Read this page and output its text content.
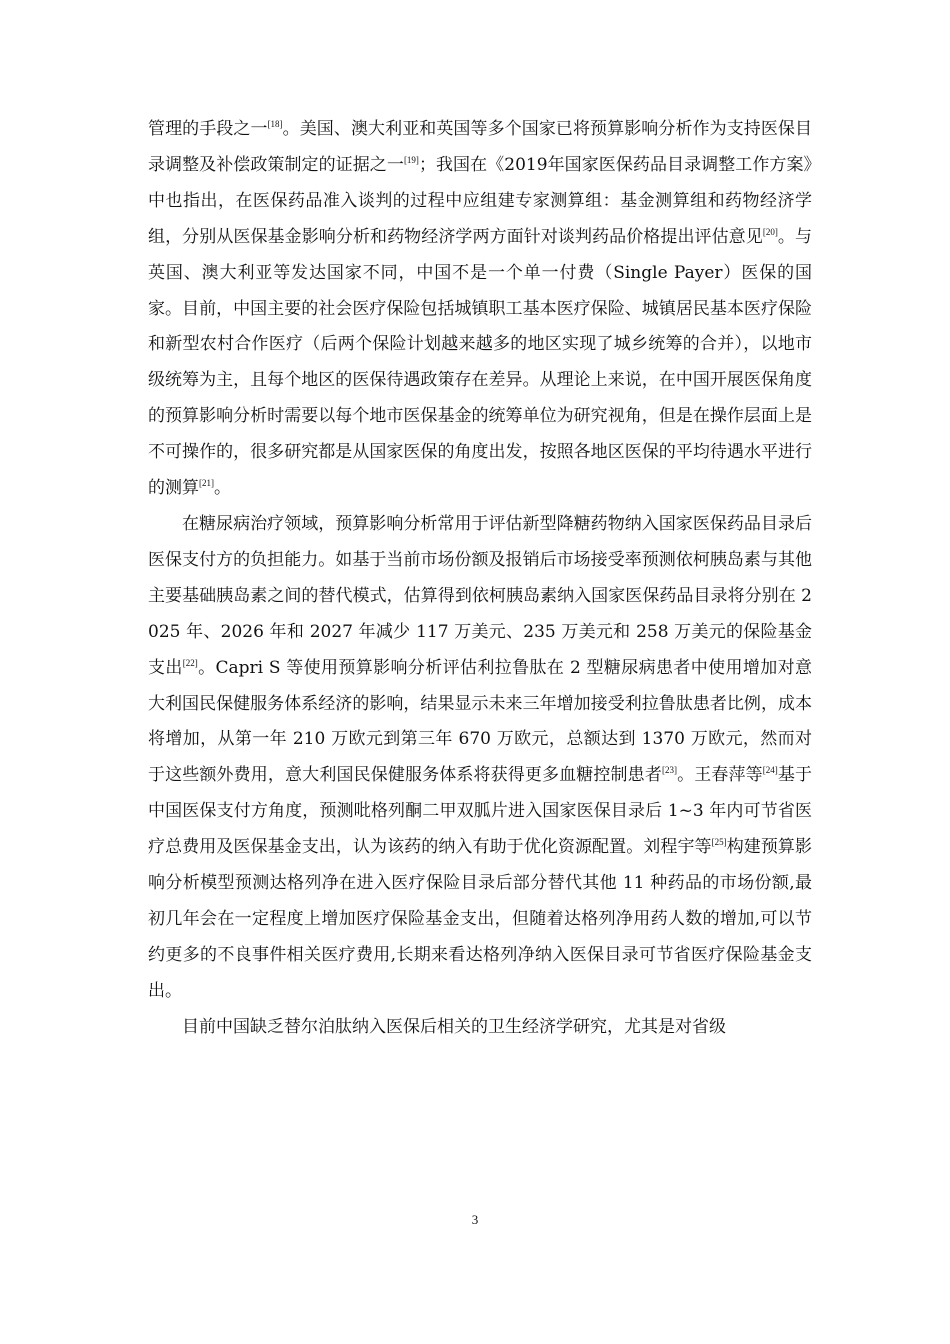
管理的手段之一[18]。美国、澳大利亚和英国等多个国家已将预算影响分析作为支持医保目录调整及补偿政策制定的证据之一[19]；我国在《2019年国家医保药品目录调整工作方案》中也指出，在医保药品准入谈判的过程中应组建专家测算组：基金测算组和药物经济学组，分别从医保基金影响分析和药物经济学两方面针对谈判药品价格提出评估意见[20]。与英国、澳大利亚等发达国家不同，中国不是一个单一付费（Single Payer）医保的国家。目前，中国主要的社会医疗保险包括城镇职工基本医疗保险、城镇居民基本医疗保险和新型农村合作医疗（后两个保险计划越来越多的地区实现了城乡统筹的合并），以地市级统筹为主，且每个地区的医保待遇政策存在差异。从理论上来说，在中国开展医保角度的预算影响分析时需要以每个地市医保基金的统筹单位为研究视角，但是在操作层面上是不可操作的，很多研究都是从国家医保的角度出发，按照各地区医保的平均待遇水平进行的测算[21]。

在糖尿病治疗领域，预算影响分析常用于评估新型降糖药物纳入国家医保药品目录后医保支付方的负担能力。如基于当前市场份额及报销后市场接受率预测依柯胰岛素与其他主要基础胰岛素之间的替代模式，估算得到依柯胰岛素纳入国家医保药品目录将分别在 2025 年、2026 年和 2027 年减少 117 万美元、235 万美元和 258 万美元的保险基金支出[22]。Capri S 等使用预算影响分析评估利拉鲁肽在 2 型糖尿病患者中使用增加对意大利国民保健服务体系经济的影响，结果显示未来三年增加接受利拉鲁肽患者比例，成本将增加，从第一年 210 万欧元到第三年 670 万欧元，总额达到 1370 万欧元，然而对于这些额外费用，意大利国民保健服务体系将获得更多血糖控制患者[23]。王春萍等[24]基于中国医保支付方角度，预测吡格列酮二甲双胍片进入国家医保目录后 1~3 年内可节省医疗总费用及医保基金支出，认为该药的纳入有助于优化资源配置。刘程宇等[25]构建预算影响分析模型预测达格列净在进入医疗保险目录后部分替代其他 11 种药品的市场份额,最初几年会在一定程度上增加医疗保险基金支出，但随着达格列净用药人数的增加,可以节约更多的不良事件相关医疗费用,长期来看达格列净纳入医保目录可节省医疗保险基金支出。

目前中国缺乏替尔泊肽纳入医保后相关的卫生经济学研究，尤其是对省级

3
